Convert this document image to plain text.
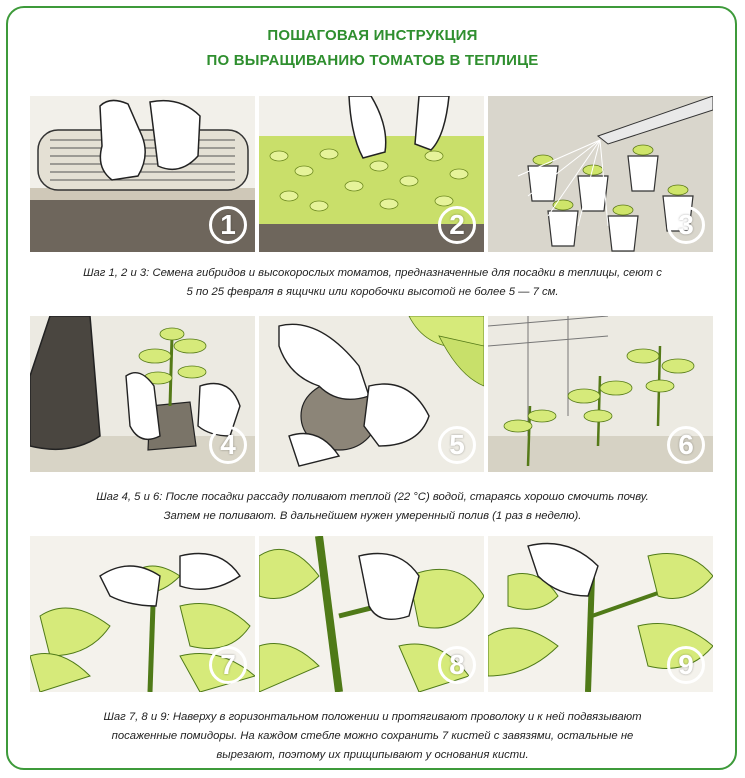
ПОШАГОВАЯ ИНСТРУКЦИЯ
ПО ВЫРАЩИВАНИЮ ТОМАТОВ В ТЕПЛИЦЕ
1	2	3
Шаг 1, 2 и 3: Семена гибридов и высокорослых томатов, предназначенные для посадки в теплицы, сеют с
5 по 25 февраля в ящички или коробочки высотой не более 5 — 7 см.
4	5	6
Шаг 4, 5 и 6: После посадки рассаду поливают теплой (22 °С) водой, стараясь хорошо смочить почву.
Затем не поливают. В дальнейшем нужен умеренный полив (1 раз в неделю).
7	8	9
Шаг 7, 8 и 9: Наверху в горизонтальном положении и протягивают проволоку и к ней подвязывают
посаженные помидоры. На каждом стебле можно сохранить 7 кистей с завязями, остальные не
вырезают, поэтому их прищипывают у основания кисти.
